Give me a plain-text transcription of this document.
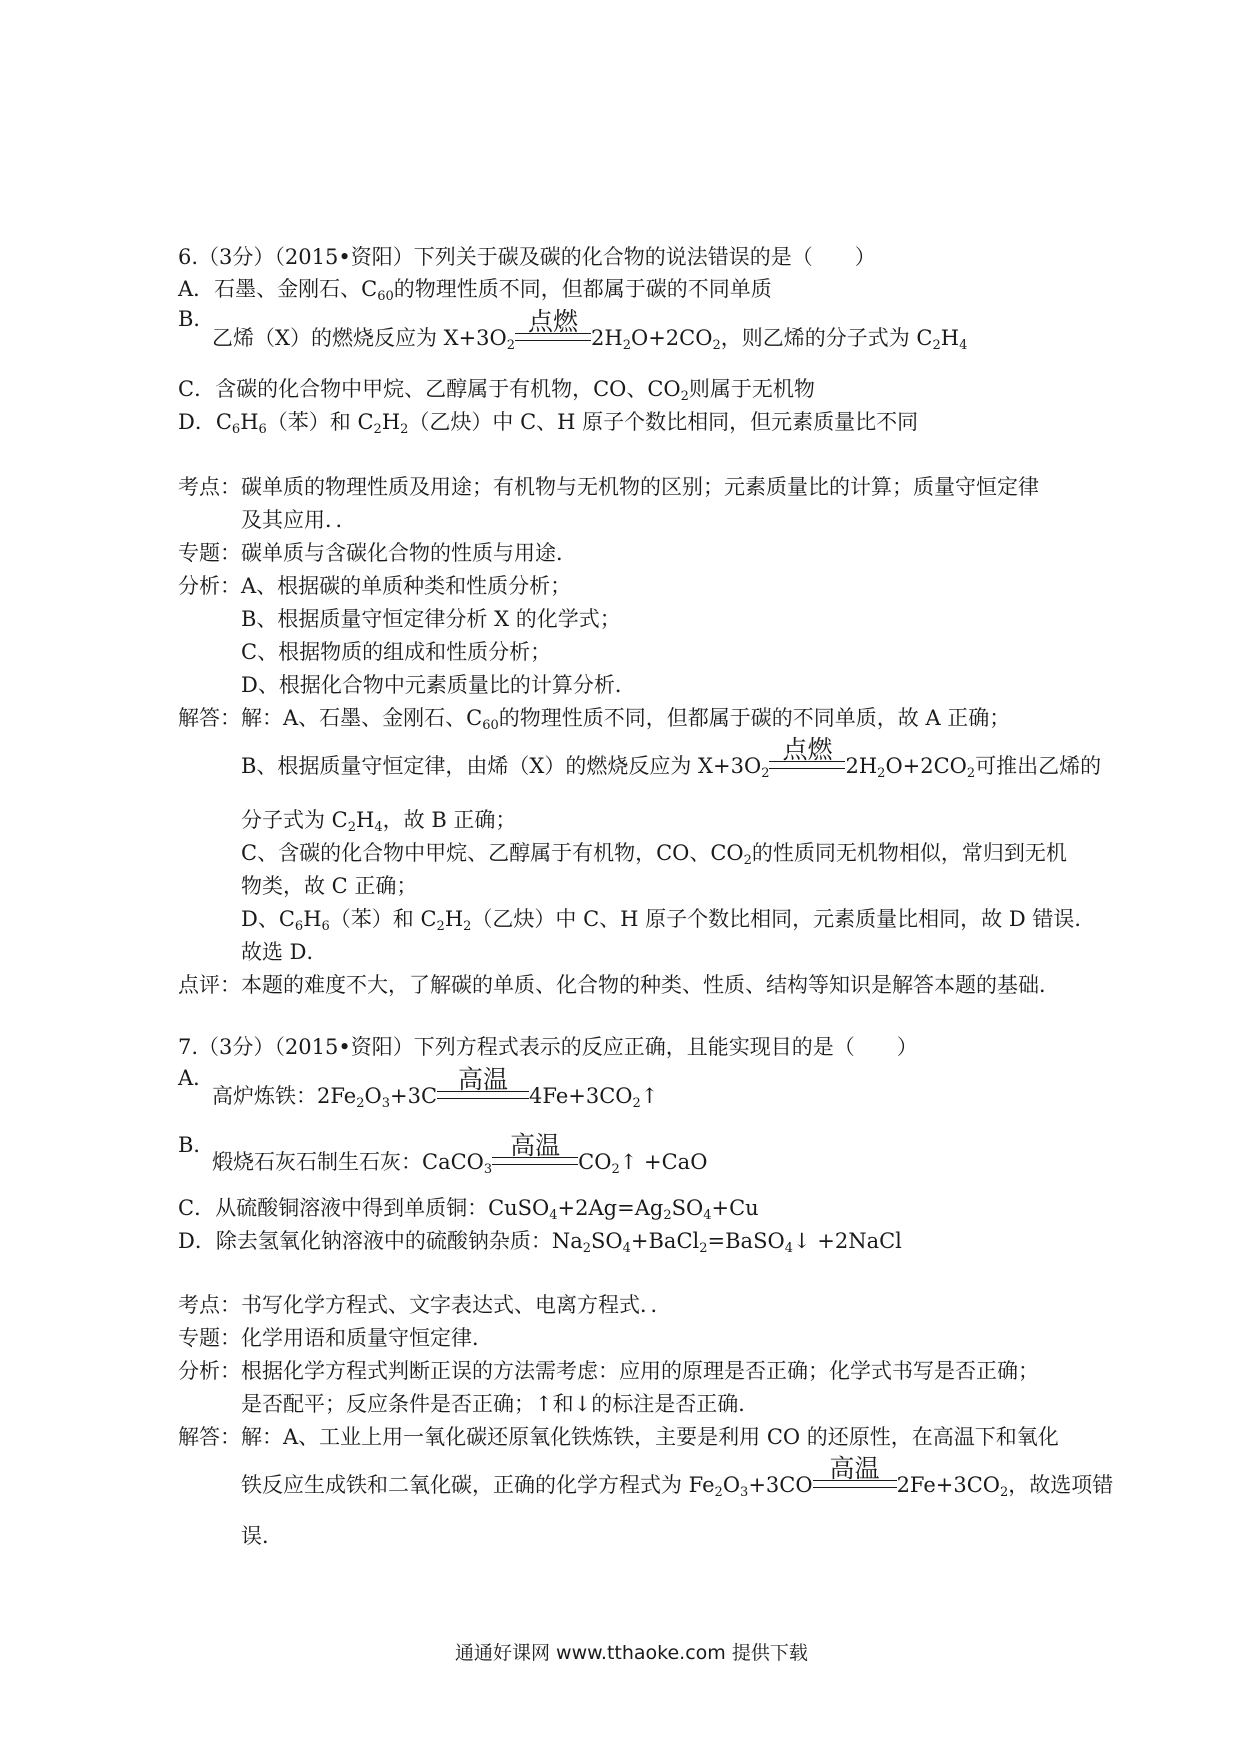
6.（3分）（2015•资阳）下列关于碳及碳的化合物的说法错误的是（　　）
A．石墨、金刚石、$C_{60}$的物理性质不同，但都属于碳的不同单质
B．
乙烯（X）的燃烧反应为 $X+3O_2$
点燃
$2H_2O+2CO_2$，则乙烯的分子式为 $C_2H_4$
C．含碳的化合物中甲烷、乙醇属于有机物，CO、$CO_2$则属于无机物
D．$C_6H_6$（苯）和 $C_2H_2$（乙炔）中 C、H 原子个数比相同，但元素质量比不同
考点：碳单质的物理性质及用途；有机物与无机物的区别；元素质量比的计算；质量守恒定律
及其应用．．
专题：碳单质与含碳化合物的性质与用途．
分析：A、根据碳的单质种类和性质分析；
B、根据质量守恒定律分析 X 的化学式；
C、根据物质的组成和性质分析；
D、根据化合物中元素质量比的计算分析．
解答：解：A、石墨、金刚石、$C_{60}$的物理性质不同，但都属于碳的不同单质，故 A 正确；
B、根据质量守恒定律，由烯（X）的燃烧反应为 $X+3O_2$
点燃
$2H_2O+2CO_2$可推出乙烯的
分子式为 $C_2H_4$，故 B 正确；
C、含碳的化合物中甲烷、乙醇属于有机物，CO、$CO_2$的性质同无机物相似，常归到无机
物类，故 C 正确；
D、$C_6H_6$（苯）和 $C_2H_2$（乙炔）中 C、H 原子个数比相同，元素质量比相同，故 D 错误．
故选 D．
点评：本题的难度不大，了解碳的单质、化合物的种类、性质、结构等知识是解答本题的基础．
7.（3分）（2015•资阳）下列方程式表示的反应正确，且能实现目的是（　　）
A．
高炉炼铁：$2Fe_2O_3+3C$
高温
$4Fe+3CO_2↑$
B．
煅烧石灰石制生石灰：CaCO$_3$
高温
$CO_2↑ +CaO$
C．从硫酸铜溶液中得到单质铜：$CuSO_4+2Ag=Ag_2SO_4+Cu$
D．除去氢氧化钠溶液中的硫酸钠杂质：$Na_2SO_4+BaCl_2=BaSO_4↓$ +2NaCl
考点：书写化学方程式、文字表达式、电离方程式．．
专题：化学用语和质量守恒定律．
分析：根据化学方程式判断正误的方法需考虑：应用的原理是否正确；化学式书写是否正确；
是否配平；反应条件是否正确；↑和↓的标注是否正确．
解答：解：A、工业上用一氧化碳还原氧化铁炼铁，主要是利用 CO 的还原性，在高温下和氧化
铁反应生成铁和二氧化碳，正确的化学方程式为 $Fe_2O_3+3CO$
高温
$2Fe+3CO_2$，故选项错
误．
通通好课网 www.tthaoke.com 提供下载
